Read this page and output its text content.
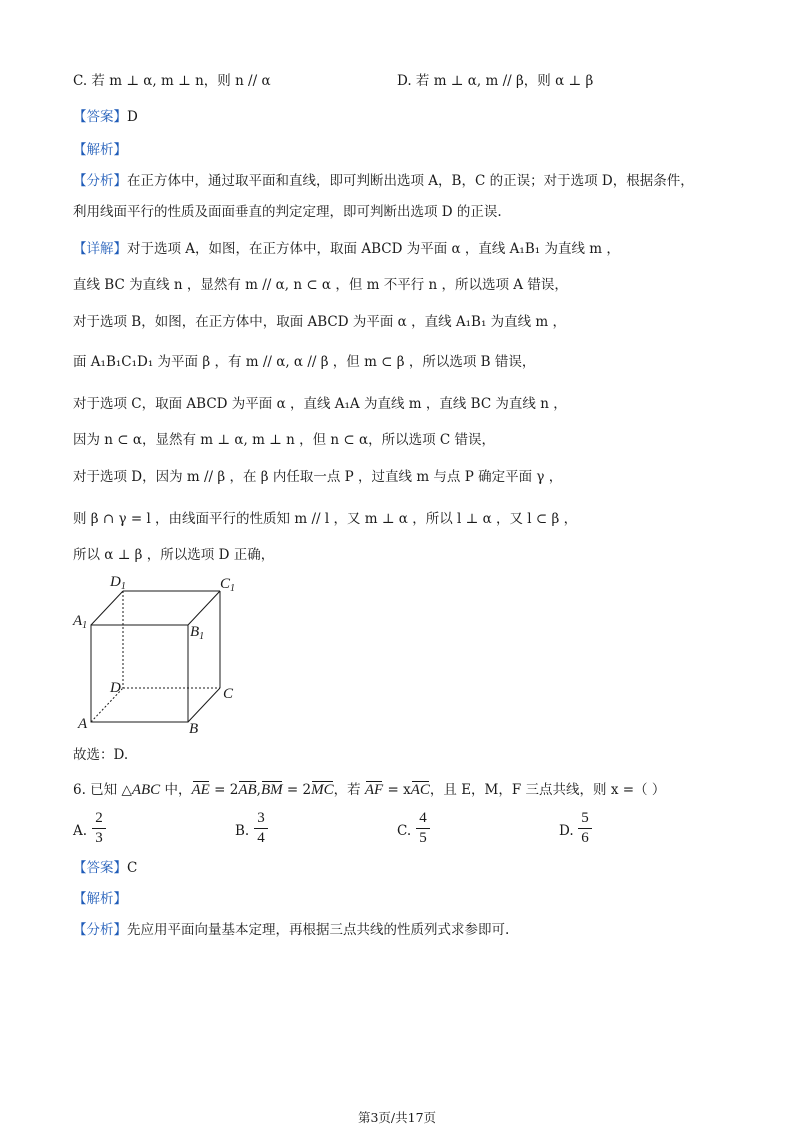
C. 若 m ⊥ α, m ⊥ n，则 n // α	D. 若 m ⊥ α, m // β，则 α ⊥ β
【答案】D
【解析】
【分析】在正方体中，通过取平面和直线，即可判断出选项 A，B，C 的正误；对于选项 D，根据条件，
利用线面平行的性质及面面垂直的判定定理，即可判断出选项 D 的正误.
【详解】对于选项 A，如图，在正方体中，取面 ABCD 为平面 α ，直线 A₁B₁ 为直线 m ，
直线 BC 为直线 n ，显然有 m // α, n ⊂ α ，但 m 不平行 n ，所以选项 A 错误，
对于选项 B，如图，在正方体中，取面 ABCD 为平面 α ，直线 A₁B₁ 为直线 m ，
面 A₁B₁C₁D₁ 为平面 β ，有 m // α, α // β ，但 m ⊂ β ，所以选项 B 错误，
对于选项 C，取面 ABCD 为平面 α ，直线 A₁A 为直线 m ，直线 BC 为直线 n ，
因为 n ⊂ α，显然有 m ⊥ α, m ⊥ n ，但 n ⊂ α，所以选项 C 错误，
对于选项 D，因为 m // β ，在 β 内任取一点 P ，过直线 m 与点 P 确定平面 γ ，
则 β ∩ γ = l ，由线面平行的性质知 m // l ，又 m ⊥ α ，所以 l ⊥ α ，又 l ⊂ β ，
所以 α ⊥ β ，所以选项 D 正确，
$D_1$	$C_1$
$A_1$	$B_1$
D	C
A	B
故选：D.
6. 已知 △ABC 中，AE = 2AB,BM = 2MC，若 AF = xAC，且 E，M，F 三点共线，则 x =（ ）
A.
2
3	B.
3
4	C.
4
5	D.
5
6
【答案】C
【解析】
【分析】先应用平面向量基本定理，再根据三点共线的性质列式求参即可.
第3页/共17页
